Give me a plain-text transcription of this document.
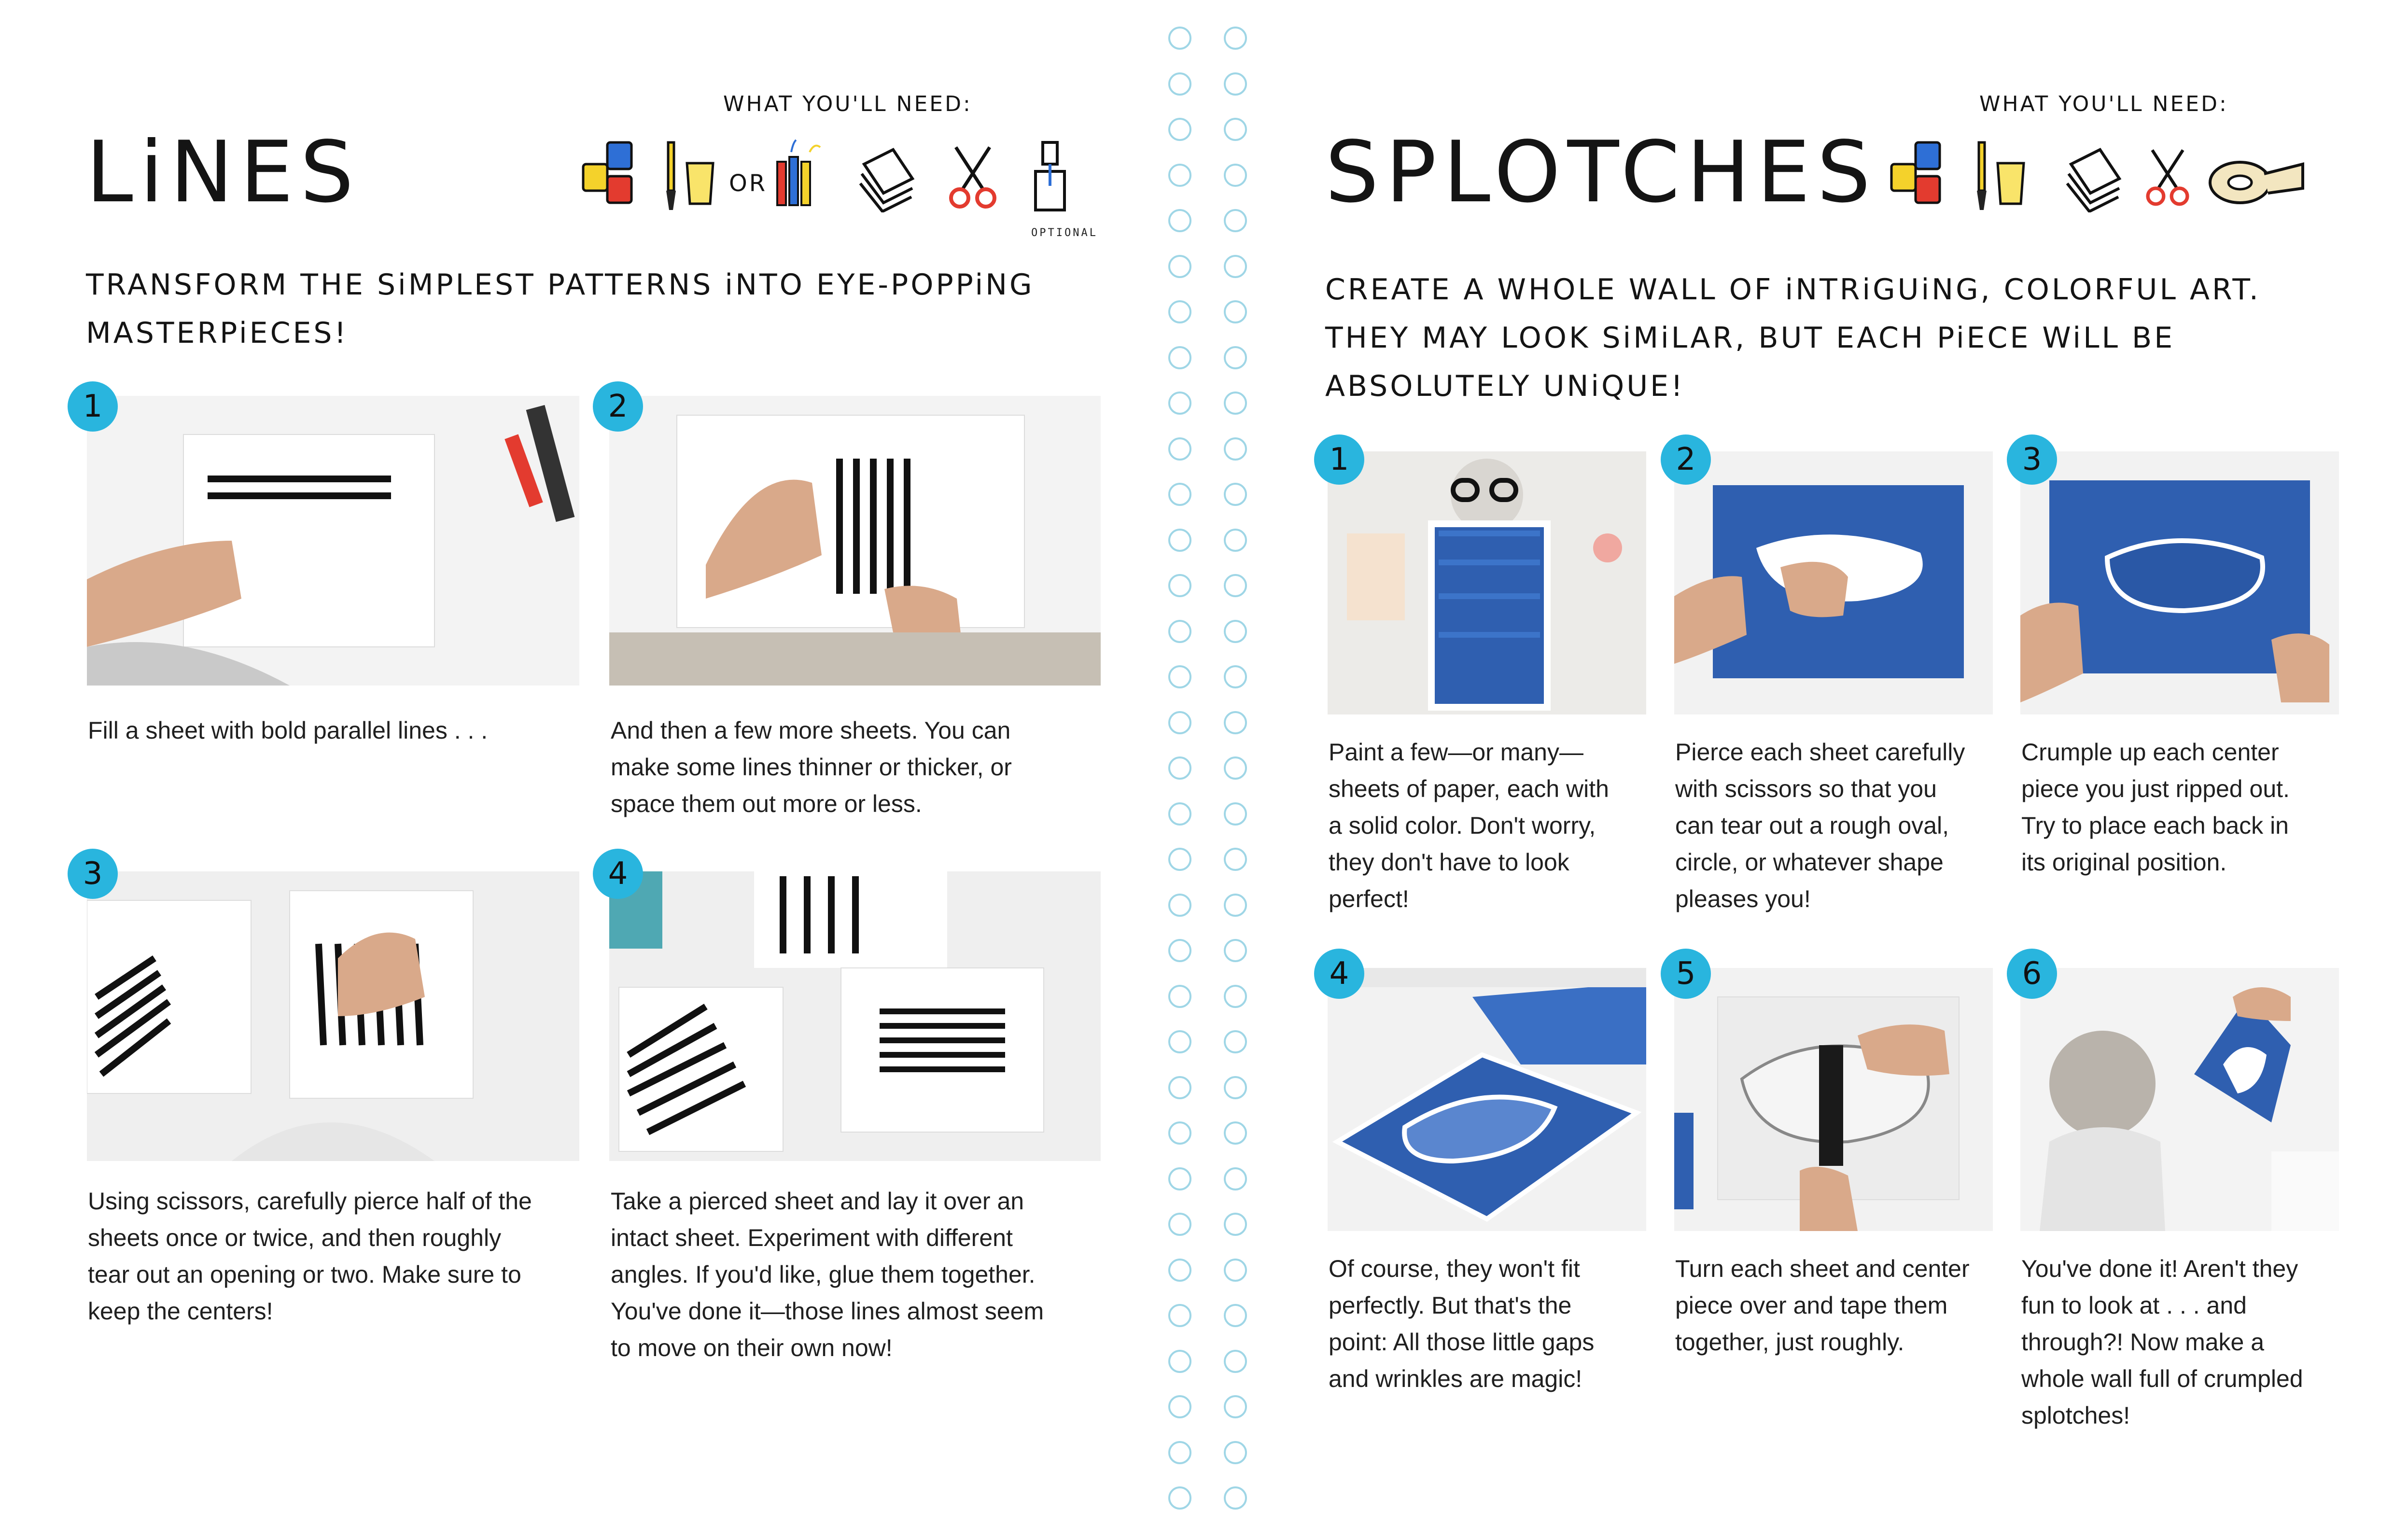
LiNES
WHAT YOU'LL NEED:
OR
OPTIONAL
TRANSFORM THE SiMPLEST PATTERNS iNTO EYE-POPPiNG
MASTERPiECES!
1
Fill a sheet with bold parallel lines . . .
2
And then a few more sheets. You can
make some lines thinner or thicker, or
space them out more or less.
3
Using scissors, carefully pierce half of the
sheets once or twice, and then roughly
tear out an opening or two. Make sure to
keep the centers!
4
Take a pierced sheet and lay it over an
intact sheet. Experiment with different
angles. If you'd like, glue them together.
You've done it—those lines almost seem
to move on their own now!
SPLOTCHES
WHAT YOU'LL NEED:
CREATE A WHOLE WALL OF iNTRiGUiNG, COLORFUL ART.
THEY MAY LOOK SiMiLAR, BUT EACH PiECE WiLL BE
ABSOLUTELY UNiQUE!
1
Paint a few—or many—
sheets of paper, each with
a solid color. Don't worry,
they don't have to look
perfect!
2
Pierce each sheet carefully
with scissors so that you
can tear out a rough oval,
circle, or whatever shape
pleases you!
3
Crumple up each center
piece you just ripped out.
Try to place each back in
its original position.
4
Of course, they won't fit
perfectly. But that's the
point: All those little gaps
and wrinkles are magic!
5
Turn each sheet and center
piece over and tape them
together, just roughly.
6
You've done it! Aren't they
fun to look at . . . and
through?! Now make a
whole wall full of crumpled
splotches!
